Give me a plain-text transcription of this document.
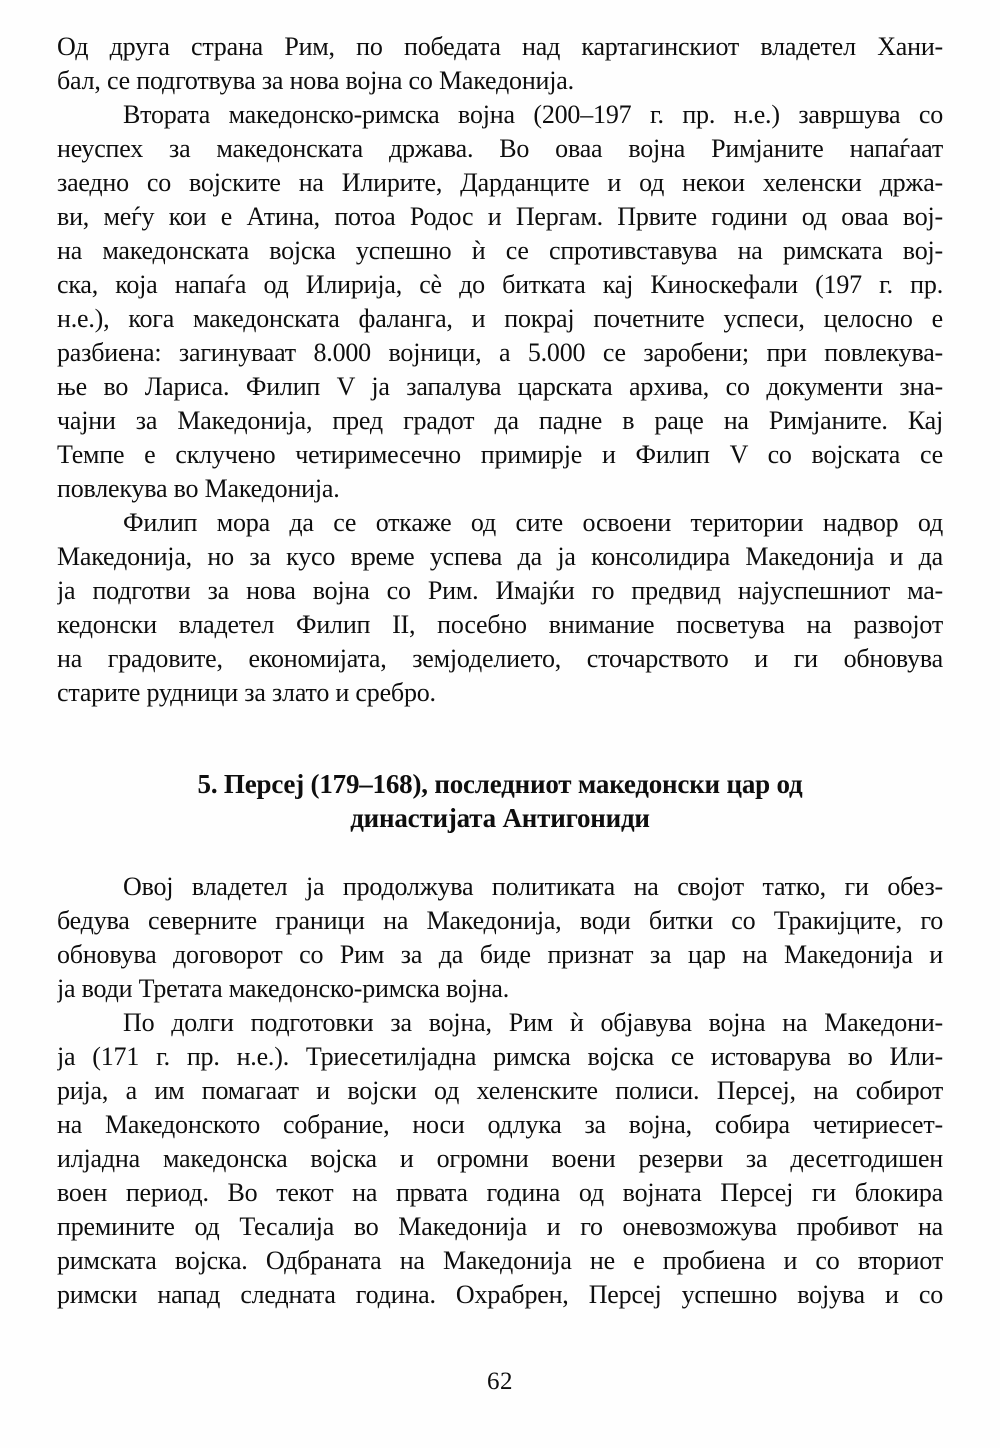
Од друга страна Рим, по победата над картагинскиот владетел Хани-
бал, се подготвува за нова војна со Македонија.
Втората македонско-римска војна (200–197 г. пр. н.е.) завршува со
неуспех за македонската држава. Во оваа војна Римјаните напаѓаат
заедно со војските на Илирите, Дарданците и од некои хеленски држа-
ви, меѓу кои е Атина, потоа Родос и Пергам. Првите години од оваа вој-
на македонската војска успешно ѝ се спротивставува на римската вој-
ска, која напаѓа од Илирија, сè до битката кај Киноскефали (197 г. пр.
н.е.), кога македонската фаланга, и покрај почетните успеси, целосно е
разбиена: загинуваат 8.000 војници, а 5.000 се заробени; при повлекува-
ње во Лариса. Филип V ја запалува царската архива, со документи зна-
чајни за Македонија, пред градот да падне в раце на Римјаните. Кај
Темпе е склучено четиримесечно примирје и Филип V со војската се
повлекува во Македонија.
Филип мора да се откаже од сите освоени територии надвор од
Македонија, но за кусо време успева да ја консолидира Македонија и да
ја подготви за нова војна со Рим. Имајќи го предвид најуспешниот ма-
кедонски владетел Филип II, посебно внимание посветува на развојот
на градовите, економијата, земјоделието, сточарството и ги обновува
старите рудници за злато и сребро.
5. Персеј (179–168), последниот македонски цар од
династијата Антигониди
Овој владетел ја продолжува политиката на својот татко, ги обез-
бедува северните граници на Македонија, води битки со Тракијците, го
обновува договорот со Рим за да биде признат за цар на Македонија и
ја води Третата македонско-римска војна.
По долги подготовки за војна, Рим ѝ објавува војна на Македони-
ја (171 г. пр. н.е.). Триесетилјадна римска војска се истоварува во Или-
рија, а им помагаат и војски од хеленските полиси. Персеј, на собирот
на Македонското собрание, носи одлука за војна, собира четириесет-
илјадна македонска војска и огромни воени резерви за десетгодишен
воен период. Во текот на првата година од војната Персеј ги блокира
премините од Тесалија во Македонија и го оневозможува пробивот на
римската војска. Одбраната на Македонија не е пробиена и со вториот
римски напад следната година. Охрабрен, Персеј успешно војува и со
62
